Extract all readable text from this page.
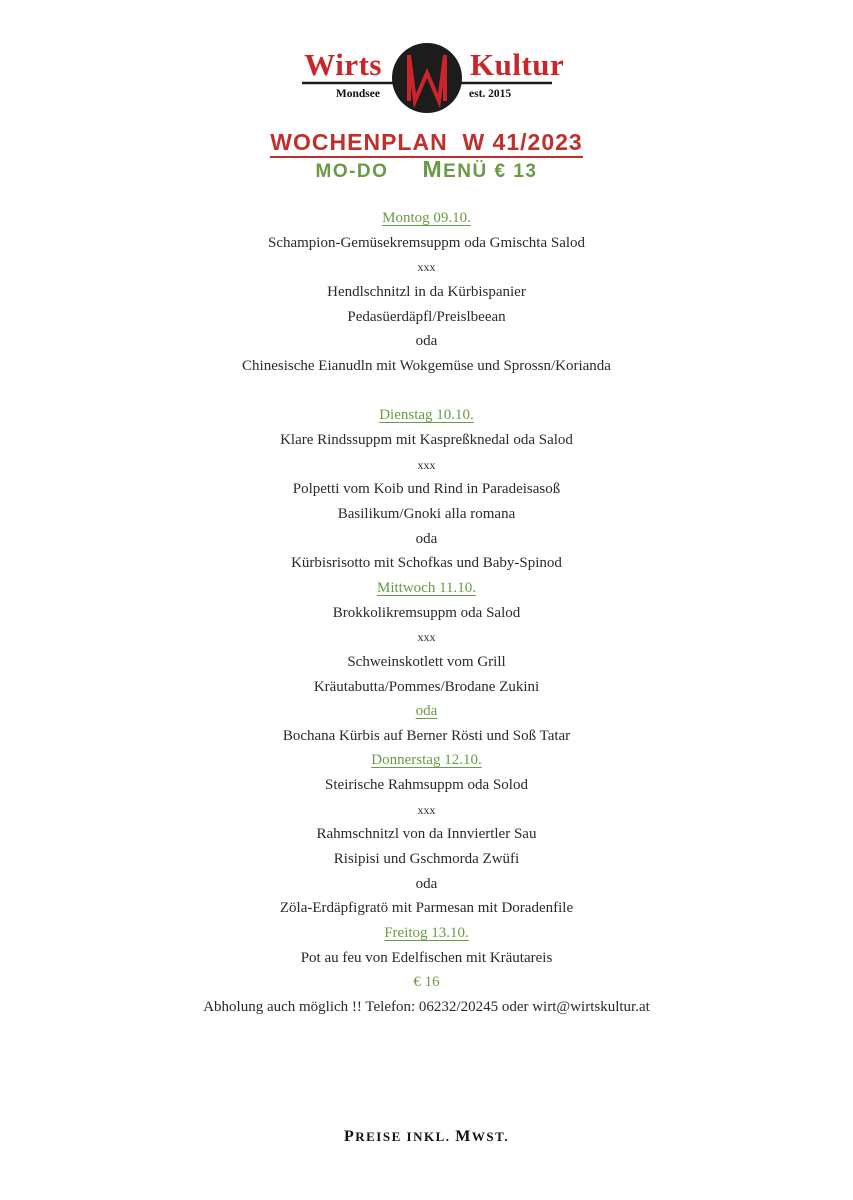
Wirts	Kultur
Mondsee	est. 2015
WOCHENPLAN  W 41/2023
MO-DO MENÜ € 13
Montog 09.10.
Schampion-Gemüsekremsuppm oda Gmischta Salod
xxx
Hendlschnitzl in da Kürbispanier
Pedasüerdäpfl/Preislbeean
oda
Chinesische Eianudln mit Wokgemüse und Sprossn/Korianda
Dienstag 10.10.
Klare Rindssuppm mit Kaspreßknedal oda Salod
xxx
Polpetti vom Koib und Rind in Paradeisasoß
Basilikum/Gnoki alla romana
oda
Kürbisrisotto mit Schofkas und Baby-Spinod
Mittwoch 11.10.
Brokkolikremsuppm oda Salod
xxx
Schweinskotlett vom Grill
Kräutabutta/Pommes/Brodane Zukini
oda
Bochana Kürbis auf Berner Rösti und Soß Tatar
Donnerstag 12.10.
Steirische Rahmsuppm oda Solod
xxx
Rahmschnitzl von da Innviertler Sau
Risipisi und Gschmorda Zwüfi
oda
Zöla-Erdäpfigratö mit Parmesan mit Doradenfile
Freitog 13.10.
Pot au feu von Edelfischen mit Kräutareis
€ 16
Abholung auch möglich !! Telefon: 06232/20245 oder wirt@wirtskultur.at
PREISE INKL. MWST.
